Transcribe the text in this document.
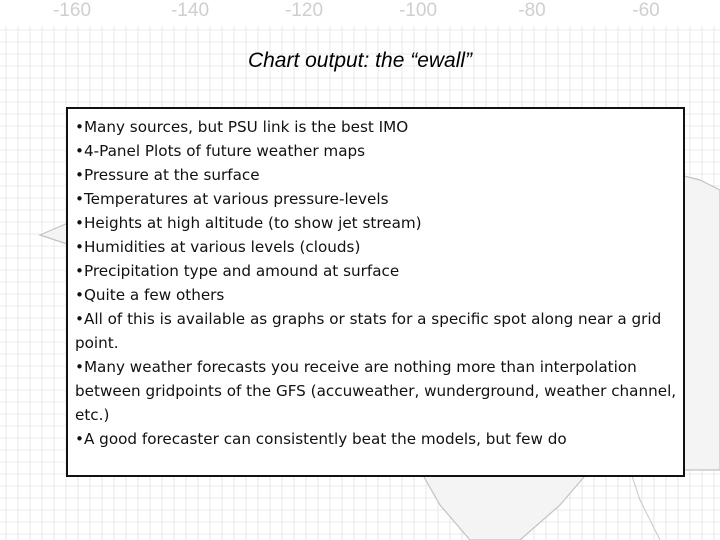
-160	-140	-120	-100	-80	-60
Chart output: the “ewall”
•Many sources, but PSU link is the best IMO
•4-Panel Plots of future weather maps
•Pressure at the surface
•Temperatures at various pressure-levels
•Heights at high altitude (to show jet stream)
•Humidities at various levels (clouds)
•Precipitation type and amound at surface
•Quite a few others
•All of this is available as graphs or stats for a specific spot along near a grid point.
•Many weather forecasts you receive are nothing more than interpolation between gridpoints of the GFS (accuweather, wunderground, weather channel, etc.)
•A good forecaster can consistently beat the models, but few do
